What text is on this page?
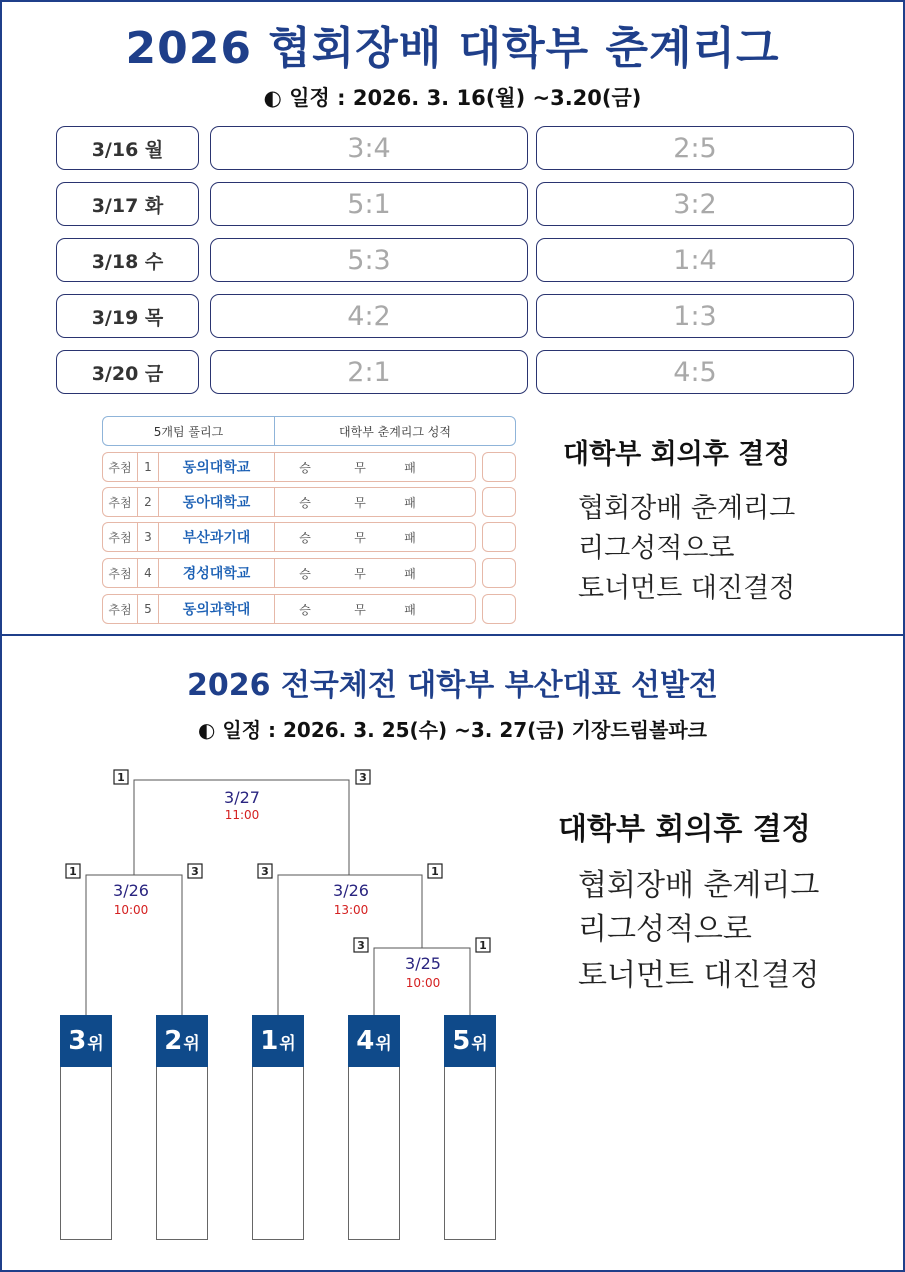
2026 협회장배 대학부 춘계리그
◐ 일정 : 2026. 3. 16(월) ~3.20(금)
3/16 월	3:4	2:5
3/17 화	5:1	3:2
3/18 수	5:3	1:4
3/19 목	4:2	1:3
3/20 금	2:1	4:5
5개팀 풀리그	대학부 춘계리그 성적
추첨	1	동의대학교	승	무	패
추첨	2	동아대학교	승	무	패
추첨	3	부산과기대	승	무	패
추첨	4	경성대학교	승	무	패
추첨	5	동의과학대	승	무	패
대학부 회의후 결정
협회장배 춘계리그
리그성적으로
토너먼트 대진결정
2026 전국체전 대학부 부산대표 선발전
◐ 일정 : 2026. 3. 25(수) ~3. 27(금) 기장드림볼파크
1	3
1	3	3	1
3	1
3/27
11:00
3/26
10:00
3/26
13:00
3/25
10:00
3 위 2 위 1 위 4 위 5 위
대학부 회의후 결정
협회장배 춘계리그
리그성적으로
토너먼트 대진결정
